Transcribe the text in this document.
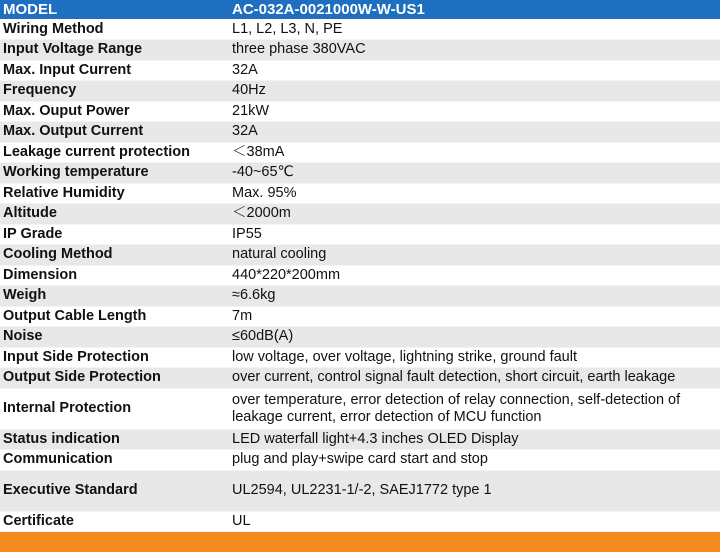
MODEL	AC-032A-0021000W-W-US1
Wiring Method	L1, L2, L3, N, PE
Input Voltage Range	three phase 380VAC
Max. Input Current	32A
Frequency	40Hz
Max. Ouput Power	21kW
Max. Output Current	32A
Leakage current protection	＜38mA
Working temperature	-40~65℃
Relative Humidity	Max. 95%
Altitude	＜2000m
IP Grade	IP55
Cooling Method	natural cooling
Dimension	440*220*200mm
Weigh	≈6.6kg
Output Cable Length	7m
Noise	≤60dB(A)
Input Side Protection	low voltage, over voltage, lightning strike, ground fault
Output Side Protection	over current, control signal fault detection, short circuit, earth leakage
Internal Protection	over temperature, error detection of relay connection, self-detection of leakage current, error detection of MCU function
Status indication	LED waterfall light+4.3 inches OLED Display
Communication	plug and play+swipe card start and stop
Executive Standard	UL2594, UL2231-1/-2, SAEJ1772 type 1
Certificate	UL
